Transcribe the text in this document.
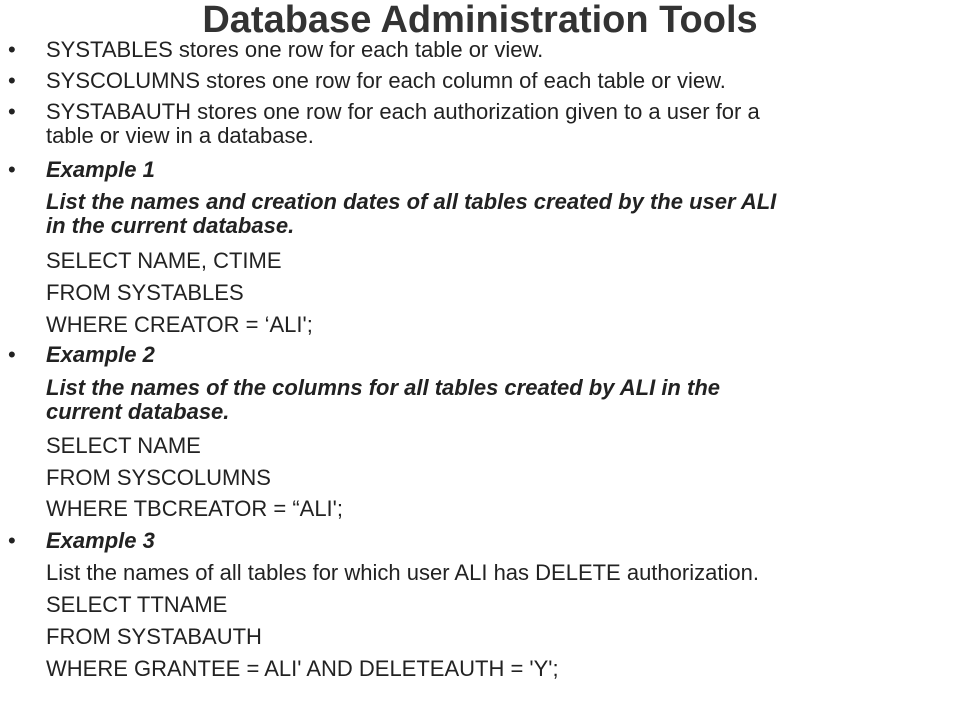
Database Administration Tools
• SYSTABLES stores one row for each table or view.
• SYSCOLUMNS stores one row for each column of each table or view.
• SYSTABAUTH stores one row for each authorization given to a user for a
table or view in a database.
• Example 1
List the names and creation dates of all tables created by the user ALI
in the current database.
SELECT NAME, CTIME
FROM SYSTABLES
WHERE CREATOR = ‘ALI';
• Example 2
List the names of the columns for all tables created by ALI in the
current database.
SELECT NAME
FROM SYSCOLUMNS
WHERE TBCREATOR = “ALI';
• Example 3
List the names of all tables for which user ALI has DELETE authorization.
SELECT TTNAME
FROM SYSTABAUTH
WHERE GRANTEE = ALI' AND DELETEAUTH = 'Y';
